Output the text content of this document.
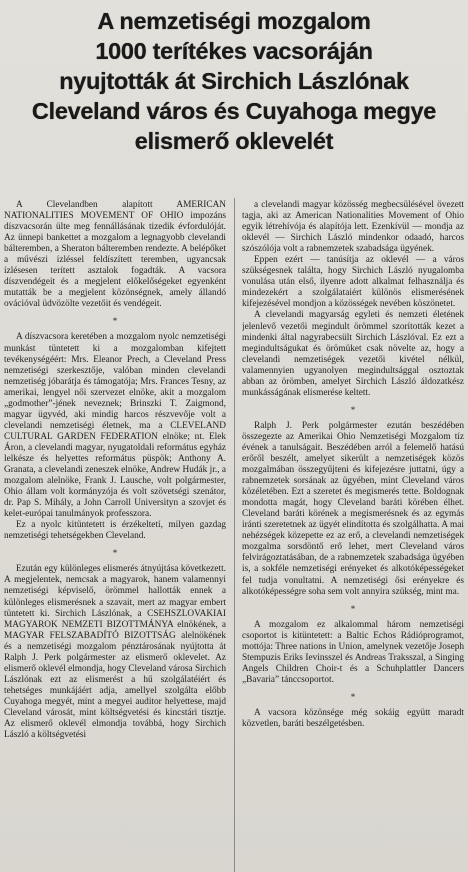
A nemzetiségi mozgalom
1000 terítékes vacsoráján
nyujtották át Sirchich Lászlónak
Cleveland város és Cuyahoga megye
elismerő oklevelét

A Clevelandben alapított AMERICAN NATIONALITIES MOVEMENT OF OHIO impozáns díszvacsorán ülte meg fennállásának tizedik évfordulóját. Az ünnepi bankettet a mozgalom a legnagyobb clevelandi bálteremben, a Sheraton bálteremben rendezte. A belépőket a művészi ízléssel feldíszített teremben, ugyancsak ízlésesen terített asztalok fogadták. A vacsora díszvendégeit és a megjelent előkelőségeket egyenként mutatták be a megjelent közönségnek, amely állandó ovációval üdvözölte vezetőit és vendégeit.

*

A díszvacsora keretében a mozgalom nyolc nemzetiségi munkást tüntetett ki a mozgalomban kifejtett tevékenységéért: Mrs. Eleanor Prech, a Cleveland Press nemzetiségi szerkesztője, valóban minden clevelandi nemzetiség jóbarátja és támogatója; Mrs. Frances Tesny, az amerikai, lengyel női szervezet elnöke, akit a mozgalom „godmother”-jének neveznek; Brinszki T. Zaigmond, magyar ügyvéd, aki mindig harcos részvevője volt a clevelandi nemzetiségi életnek, ma a CLEVELAND CULTURAL GARDEN FEDERATION elnöke; nt. Elek Áron, a clevelandi magyar, nyugatoldali református egyház lelkésze és helyettes református püspök; Anthony A. Granata, a clevelandi zeneszek elnöke, Andrew Hudák jr., a mozgalom alelnöke, Frank J. Lausche, volt polgármester, Ohio állam volt kormányzója és volt szövetségi szenátor, dr. Pap S. Mihály, a John Carroll Universityn a szovjet és kelet-európai tanulmányok professzora.

Ez a nyolc kitüntetett is érzékeltetí, milyen gazdag nemzetiségi tehetségekben Cleveland.

*

Ezután egy különleges elismerés átnyújtása következett. A megjelentek, nemcsak a magyarok, hanem valamennyi nemzetiségi képviselő, örömmel hallották ennek a különleges elismerésnek a szavait, mert az magyar embert tüntetett ki. Sirchich Lászlónak, a CSEHSZLOVAKIAI MAGYAROK NEMZETI BIZOTTMÁNYA elnökének, a MAGYAR FELSZABADÍTÓ BIZOTTSÁG alelnökének és a nemzetiségi mozgalom pénztárosának nyújtotta át Ralph J. Perk polgármester az elismerő oklevelet. Az elismerő oklevél elmondja, hogy Cleveland városa Sirchich Lászlónak ezt az elismerést a hű szolgálatéiért és tehetséges munkájáért adja, amellyel szolgálta előbb Cuyahoga megyét, mint a megyei auditor helyettese, majd Cleveland városát, mint költségvetési és kincstári tisztje. Az elismerő oklevél elmondja továbbá, hogy Sirchich László a költségvetési

a clevelandi magyar közösség megbecsülésével övezett tagja, aki az American Nationalities Movement of Ohio egyik létrehívója és alapítója lett. Ezenkívül — mondja az oklevél — Sirchich László mindenkor odaadó, harcos szószólója volt a rabnemzetek szabadsága ügyének.

Eppen ezért — tanúsítja az oklevél — a város szükségesnek találta, hogy Sirchich László nyugalomba vonulása után első, ilyenre adott alkalmat felhasználja és mindezekért a szolgálataiért különös elismerésének kifejezésével mondjon a közösségek nevében köszönetet.

A clevelandi magyarság egyleti és nemzeti életének jelenlevő vezetői megindult örömmel szorították kezet a mindenki által nagyrabecsült Sirchich Lászlóval. Ez ezt a megindultságukat és örömüket csak növelte az, hogy a clevelandi nemzetiségek vezetői kivétel nélkül, valamennyien ugyanolyen megindultsággal osztoztak abban az örömben, amelyet Sirchich László áldozatkész munkásságának elismerése keltett.

*

Ralph J. Perk polgármester ezután beszédében összegezte az Amerikai Ohio Nemzetiségi Mozgalom tíz évének a tanulságait. Beszédében arról a felemelő hatású erőről beszélt, amelyet sikerült a nemzetiségek közös mozgalmában összegyűjteni és kifejezésre juttatni, úgy a rabnemzetek sorsának az ügyében, mint Cleveland város közéletében. Ezt a szeretet és megismerés tette. Boldognak mondotta magát, hogy Cleveland baráti körében élhet. Cleveland baráti körének a megismerésnek és az egymás iránti szeretetnek az ügyét elindította és szolgálhatta. A mai nehézségek közepette ez az erő, a clevelandi nemzetiségek mozgalma sorsdöntő erő lehet, mert Cleveland város felvirágoztatásában, de a rabnemzetek szabadsága ügyében is, a sokféle nemzetiségi erényeket és alkotóképességeket fel tudja vonultatni. A nemzetiségi ősi erényekre és alkotóképességre soha sem volt annyira szükség, mint ma.

*

A mozgalom ez alkalommal három nemzetiségi csoportot is kitüntetett: a Baltic Echos Rádióprogramot, mottója: Three nations in Union, amelynek vezetője Joseph Stempuzis Eriks Ievinsszel és Andreas Traksszal, a Singing Angels Children Choir-t és a Schuhplattler Dancers „Bavaria” tánccsoportot.

*

A vacsora közönsége még sokáig együtt maradt közvetlen, baráti beszélgetésben.
